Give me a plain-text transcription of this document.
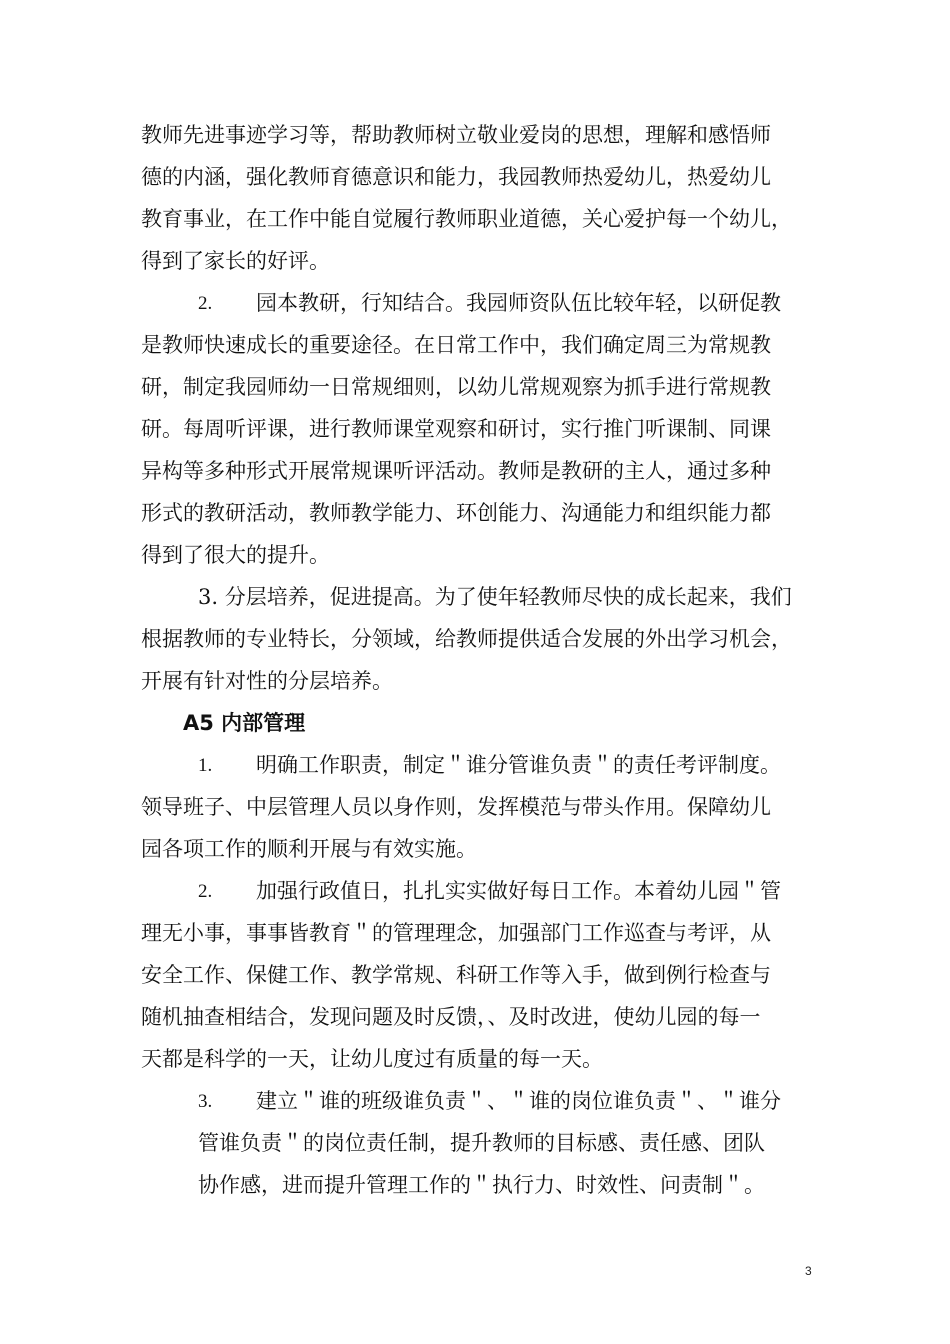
教师先进事迹学习等，帮助教师树立敬业爱岗的思想，理解和感悟师
德的内涵，强化教师育德意识和能力，我园教师热爱幼儿，热爱幼儿
教育事业，在工作中能自觉履行教师职业道德，关心爱护每一个幼儿，
得到了家长的好评。
2. 园本教研，行知结合。我园师资队伍比较年轻，以研促教
是教师快速成长的重要途径。在日常工作中，我们确定周三为常规教
研，制定我园师幼一日常规细则，以幼儿常规观察为抓手进行常规教
研。每周听评课，进行教师课堂观察和研讨，实行推门听课制、同课
异构等多种形式开展常规课听评活动。教师是教研的主人，通过多种
形式的教研活动，教师教学能力、环创能力、沟通能力和组织能力都
得到了很大的提升。
3. 分层培养，促进提高。为了使年轻教师尽快的成长起来，我们
根据教师的专业特长，分领域，给教师提供适合发展的外出学习机会，
开展有针对性的分层培养。
A5 内部管理
1. 明确工作职责，制定＂谁分管谁负责＂的责任考评制度。
领导班子、中层管理人员以身作则，发挥模范与带头作用。保障幼儿
园各项工作的顺利开展与有效实施。
2. 加强行政值日，扎扎实实做好每日工作。本着幼儿园＂管
理无小事，事事皆教育＂的管理理念，加强部门工作巡查与考评，从
安全工作、保健工作、教学常规、科研工作等入手，做到例行检查与
随机抽查相结合，发现问题及时反馈，、及时改进，使幼儿园的每一
天都是科学的一天，让幼儿度过有质量的每一天。
3. 建立＂谁的班级谁负责＂、＂谁的岗位谁负责＂、＂谁分
管谁负责＂的岗位责任制，提升教师的目标感、责任感、团队
协作感，进而提升管理工作的＂执行力、时效性、问责制＂。
3
